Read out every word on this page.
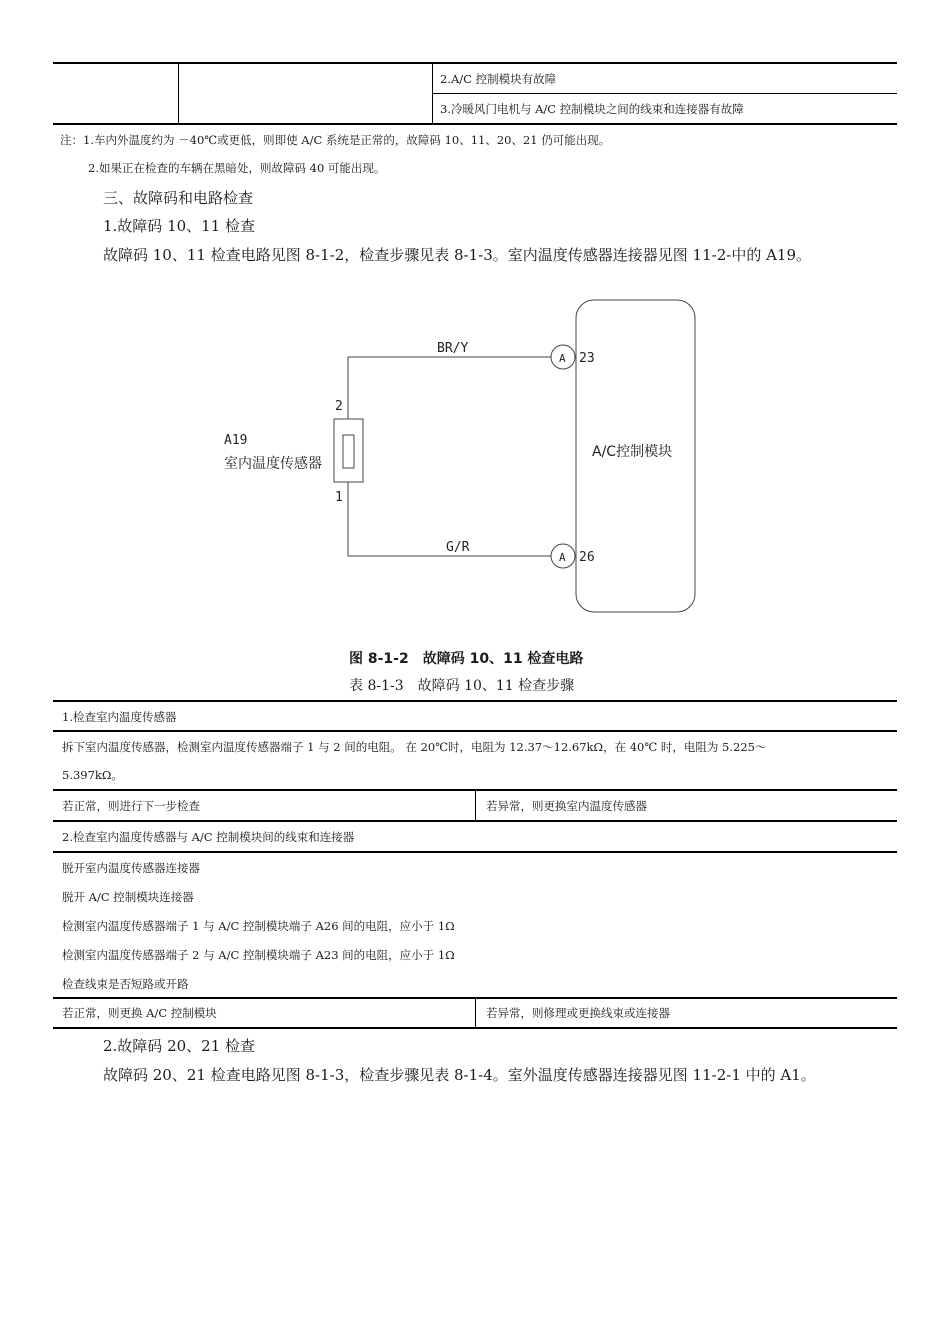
2.A/C 控制模块有故障
3.冷暖风门电机与 A/C 控制模块之间的线束和连接器有故障
注：1.车内外温度约为 －40℃或更低，则即使 A/C 系统是正常的，故障码 10、11、20、21 仍可能出现。
2.如果正在检查的车辆在黑暗处，则故障码 40 可能出现。
三、故障码和电路检查
1.故障码 10、11 检查
故障码 10、11 检查电路见图 8-1-2，检查步骤见表 8-1-3。室内温度传感器连接器见图 11-2-中的 A19。
BR/Y
G/R
2
1
A19
A 23
A 26
室内温度传感器
A/C控制模块
图 8-1-2　故障码 10、11 检查电路
表 8-1-3　故障码 10、11 检查步骤
1.检查室内温度传感器
拆下室内温度传感器，检测室内温度传感器端子 1 与 2 间的电阻。 在 20℃时，电阻为 12.37～12.67kΩ，在 40℃ 时，电阻为 5.225～
5.397kΩ。
若正常，则进行下一步检查	若异常，则更换室内温度传感器
2.检查室内温度传感器与 A/C 控制模块间的线束和连接器
脱开室内温度传感器连接器
脱开 A/C 控制模块连接器
检测室内温度传感器端子 1 与 A/C 控制模块端子 A26 间的电阻，应小于 1Ω
检测室内温度传感器端子 2 与 A/C 控制模块端子 A23 间的电阻，应小于 1Ω
检查线束是否短路或开路
若正常，则更换 A/C 控制模块	若异常，则修理或更换线束或连接器
2.故障码 20、21 检查
故障码 20、21 检查电路见图 8-1-3，检查步骤见表 8-1-4。室外温度传感器连接器见图 11-2-1 中的 A1。
